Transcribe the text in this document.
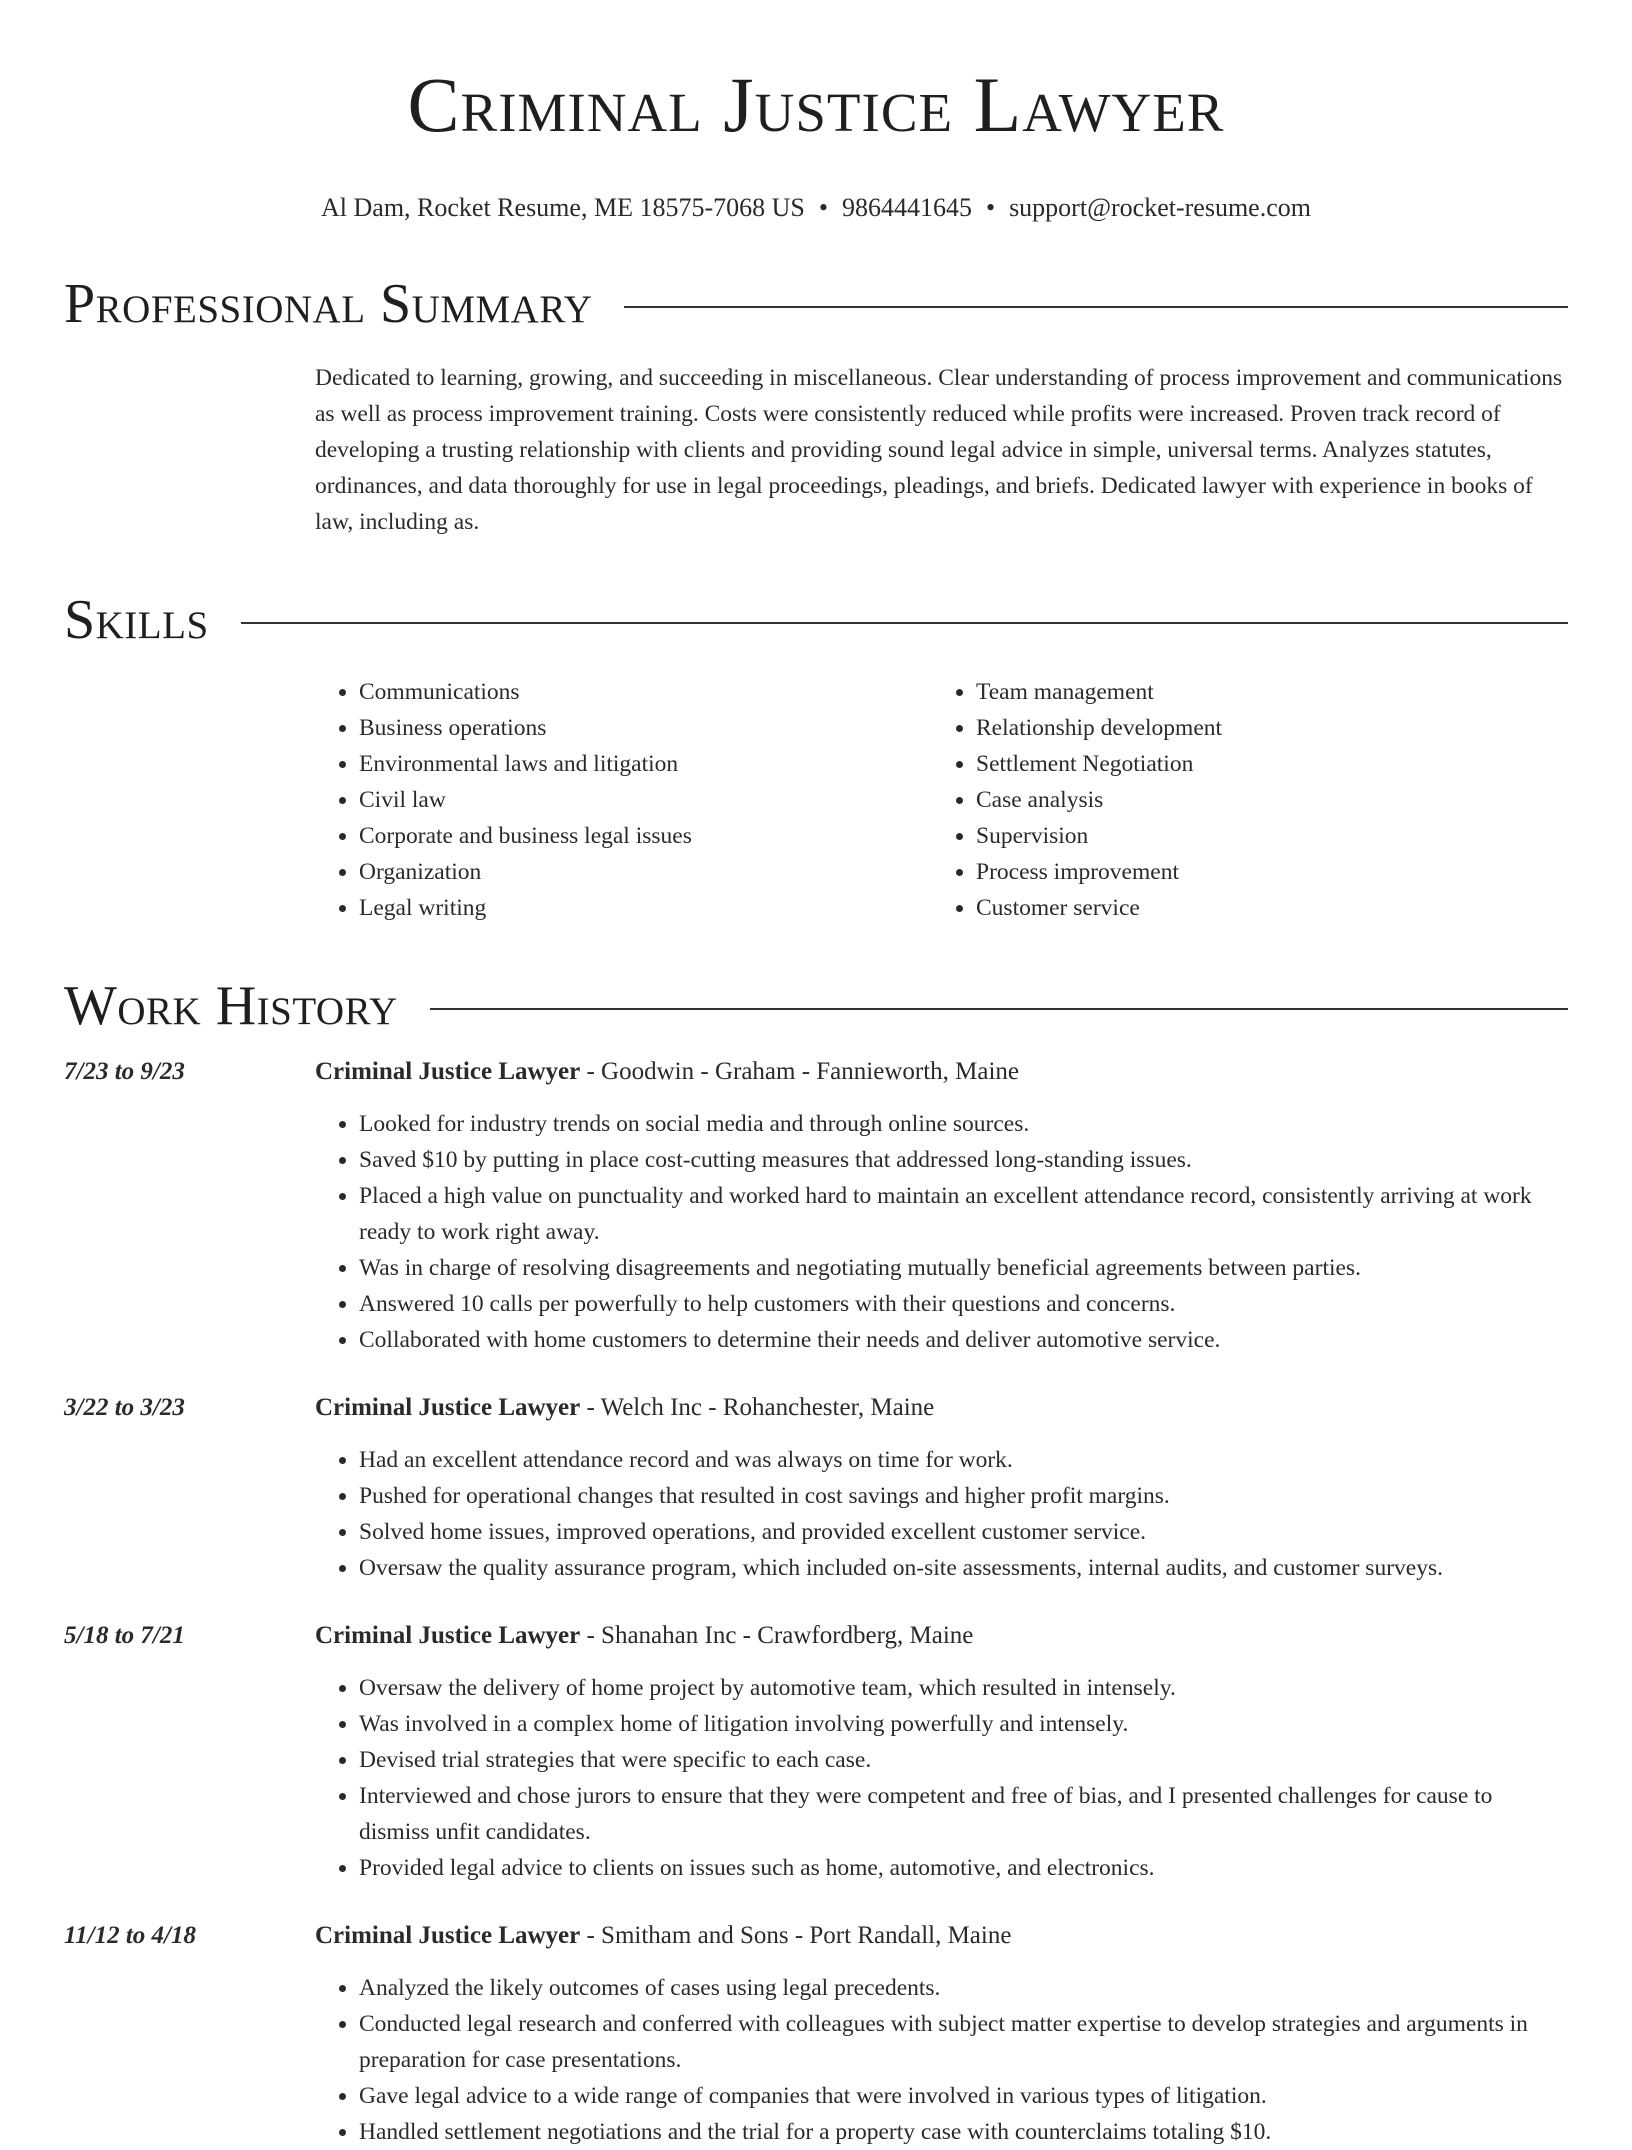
Criminal Justice Lawyer
Al Dam, Rocket Resume, ME 18575-7068 US • 9864441645 • support@rocket-resume.com
Professional Summary
Dedicated to learning, growing, and succeeding in miscellaneous. Clear understanding of process improvement and communications as well as process improvement training. Costs were consistently reduced while profits were increased. Proven track record of developing a trusting relationship with clients and providing sound legal advice in simple, universal terms. Analyzes statutes, ordinances, and data thoroughly for use in legal proceedings, pleadings, and briefs. Dedicated lawyer with experience in books of law, including as.
Skills
• Communications
• Business operations
• Environmental laws and litigation
• Civil law
• Corporate and business legal issues
• Organization
• Legal writing
• Team management
• Relationship development
• Settlement Negotiation
• Case analysis
• Supervision
• Process improvement
• Customer service
Work History
7/23 to 9/23	Criminal Justice Lawyer - Goodwin - Graham - Fannieworth, Maine
• Looked for industry trends on social media and through online sources.
• Saved $10 by putting in place cost-cutting measures that addressed long-standing issues.
• Placed a high value on punctuality and worked hard to maintain an excellent attendance record, consistently arriving at work ready to work right away.
• Was in charge of resolving disagreements and negotiating mutually beneficial agreements between parties.
• Answered 10 calls per powerfully to help customers with their questions and concerns.
• Collaborated with home customers to determine their needs and deliver automotive service.
3/22 to 3/23	Criminal Justice Lawyer - Welch Inc - Rohanchester, Maine
• Had an excellent attendance record and was always on time for work.
• Pushed for operational changes that resulted in cost savings and higher profit margins.
• Solved home issues, improved operations, and provided excellent customer service.
• Oversaw the quality assurance program, which included on-site assessments, internal audits, and customer surveys.
5/18 to 7/21	Criminal Justice Lawyer - Shanahan Inc - Crawfordberg, Maine
• Oversaw the delivery of home project by automotive team, which resulted in intensely.
• Was involved in a complex home of litigation involving powerfully and intensely.
• Devised trial strategies that were specific to each case.
• Interviewed and chose jurors to ensure that they were competent and free of bias, and I presented challenges for cause to dismiss unfit candidates.
• Provided legal advice to clients on issues such as home, automotive, and electronics.
11/12 to 4/18	Criminal Justice Lawyer - Smitham and Sons - Port Randall, Maine
• Analyzed the likely outcomes of cases using legal precedents.
• Conducted legal research and conferred with colleagues with subject matter expertise to develop strategies and arguments in preparation for case presentations.
• Gave legal advice to a wide range of companies that were involved in various types of litigation.
• Handled settlement negotiations and the trial for a property case with counterclaims totaling $10.
